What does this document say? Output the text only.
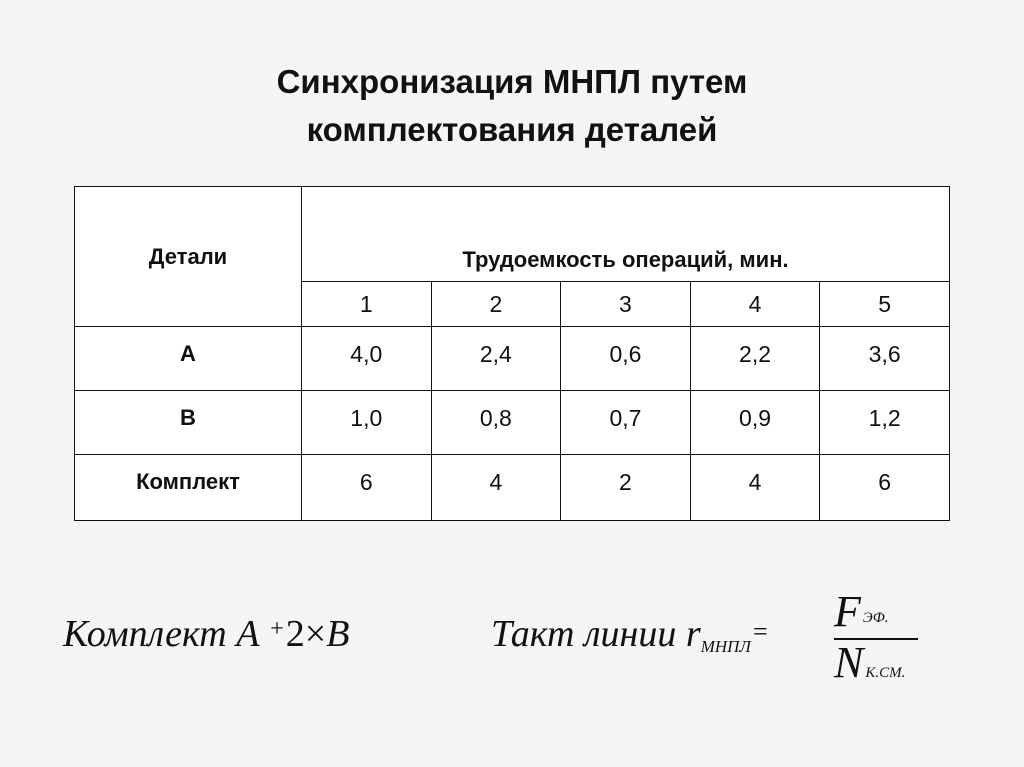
Синхронизация МНПЛ путем
комплектования деталей
Детали	Трудоемкость операций, мин.				
	1	2	3	4	5
А	4,0	2,4	0,6	2,2	3,6
В	1,0	0,8	0,7	0,9	1,2
Комплект	6	4	2	4	6
Комплект A +2×B	Такт линии $r_{МНПЛ}=$ FЭФ.
N К.СМ.
